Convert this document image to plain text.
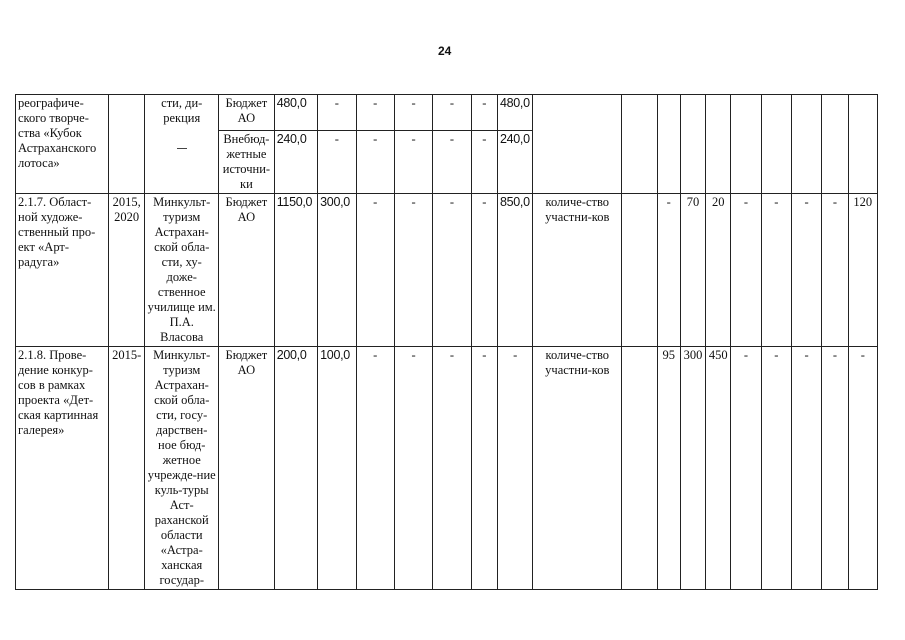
24
реографиче-ского творче-ства «Кубок Астраханского лотоса»		сти, ди-рекция	Бюджет АО	480,0	-	-	-	-	-	480,0										
			Внебюд-жетные источни-ки	240,0	-	-	-	-	-	240,0										
2.1.7. Област-ной художе-ственный про-ект «Арт-радуга»	2015, 2020	Минкульт-туризм Астрахан-ской обла-сти, ху-доже-ственное училище им. П.А. Власова	Бюджет АО	1150,0	300,0	-	-	-	-	850,0	количе-ство участни-ков		-	70	20	-	-	-	-	120
2.1.8. Прове-дение конкур-сов в рамках проекта «Дет-ская картинная галерея»	2015-	Минкульт-туризм Астрахан-ской обла-сти, госу-дарствен-ное бюд-жетное учрежде-ние куль-туры Аст-раханской области «Астра-ханская государ-	Бюджет АО	200,0	100,0	-	-	-	-	-	количе-ство участни-ков		95	300	450	-	-	-	-	-
